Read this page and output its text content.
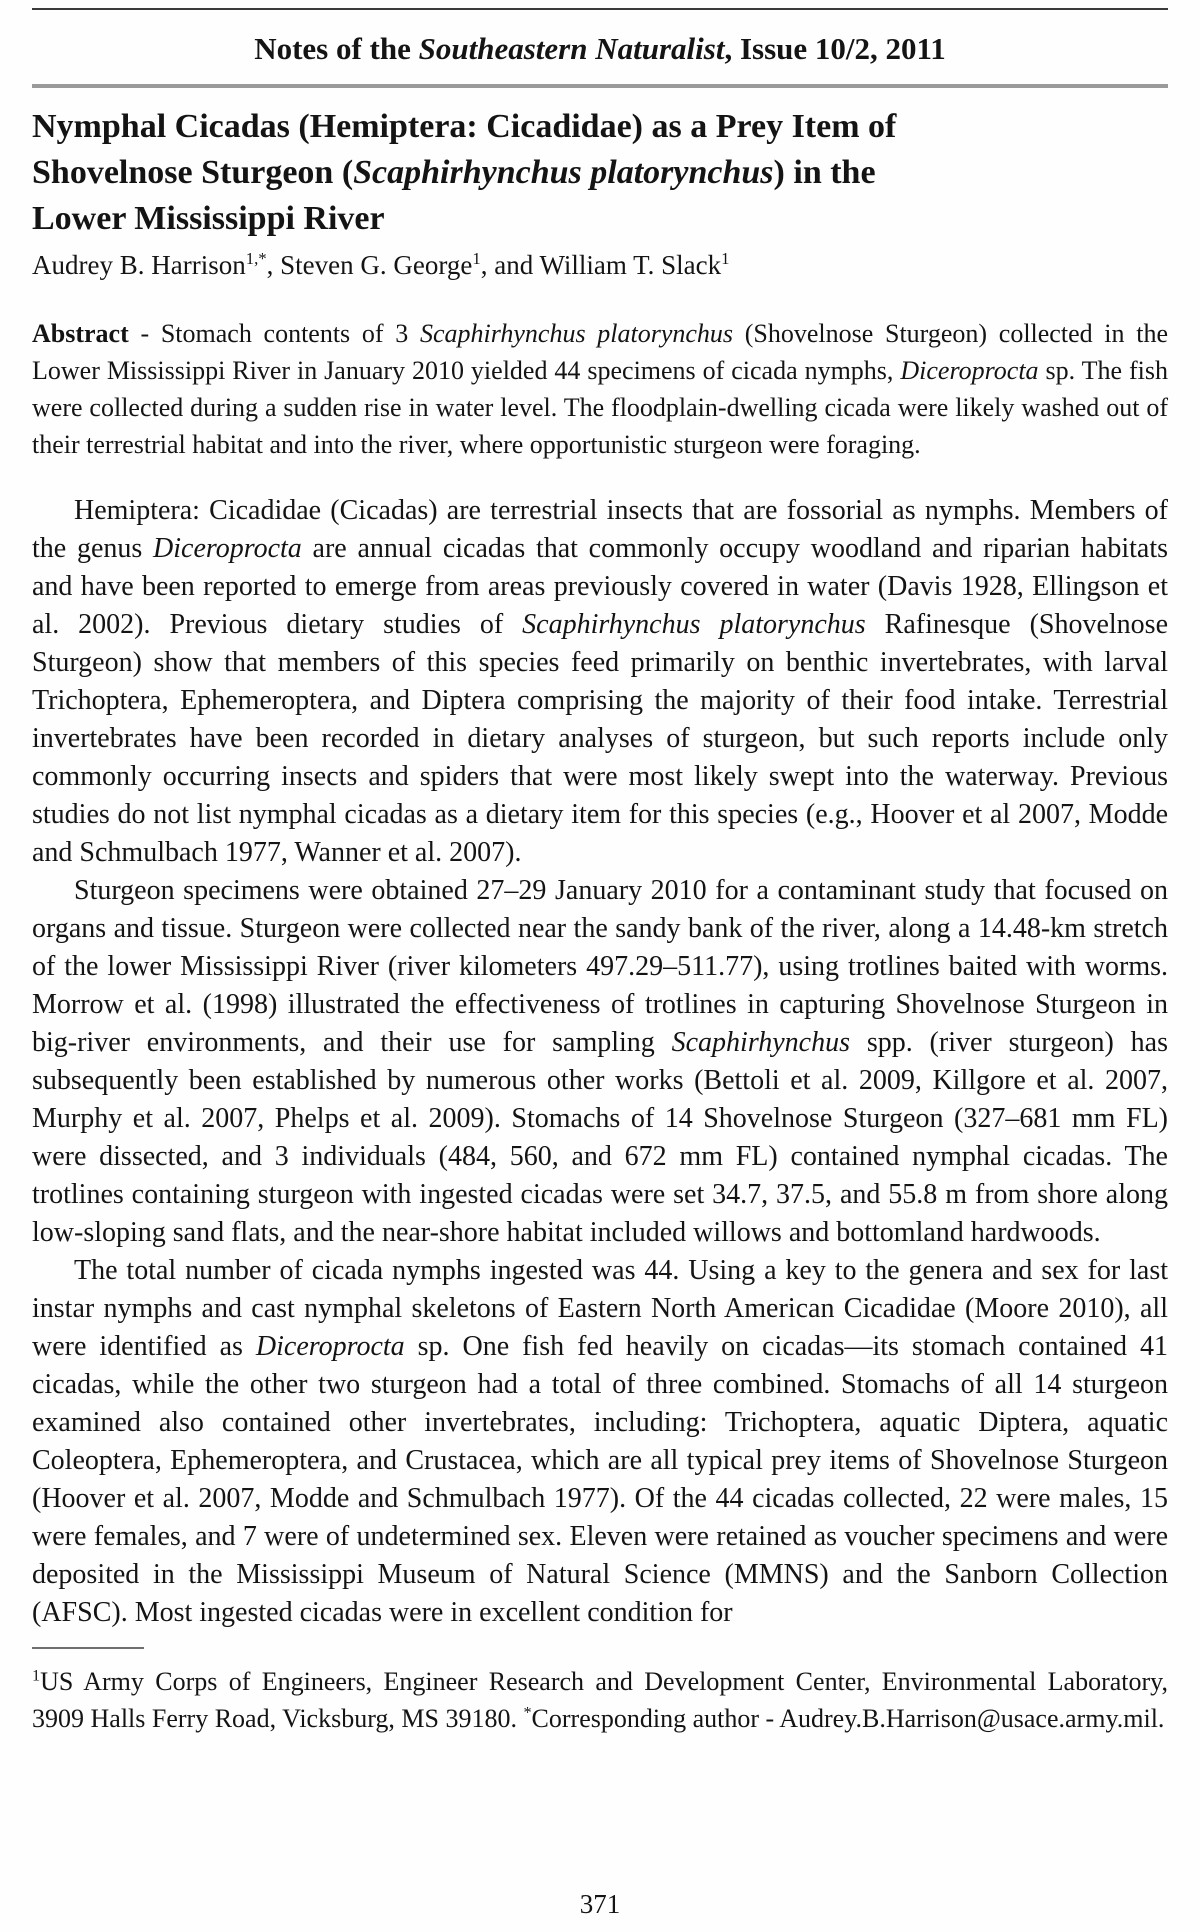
Notes of the Southeastern Naturalist, Issue 10/2, 2011
Nymphal Cicadas (Hemiptera: Cicadidae) as a Prey Item of
Shovelnose Sturgeon (Scaphirhynchus platorynchus) in the
Lower Mississippi River
Audrey B. Harrison$^{1,*}$, Steven G. George$^1$, and William T. Slack$^1$
Abstract - Stomach contents of 3 Scaphirhynchus platorynchus (Shovelnose Sturgeon) collected in the Lower Mississippi River in January 2010 yielded 44 specimens of cicada nymphs, Diceroprocta sp. The fish were collected during a sudden rise in water level. The floodplain-dwelling cicada were likely washed out of their terrestrial habitat and into the river, where opportunistic sturgeon were foraging.

Hemiptera: Cicadidae (Cicadas) are terrestrial insects that are fossorial as nymphs. Members of the genus Diceroprocta are annual cicadas that commonly occupy woodland and riparian habitats and have been reported to emerge from areas previously covered in water (Davis 1928, Ellingson et al. 2002). Previous dietary studies of Scaphirhynchus platorynchus Rafinesque (Shovelnose Sturgeon) show that members of this species feed primarily on benthic invertebrates, with larval Trichoptera, Ephemeroptera, and Diptera comprising the majority of their food intake. Terrestrial invertebrates have been recorded in dietary analyses of sturgeon, but such reports include only commonly occurring insects and spiders that were most likely swept into the waterway. Previous studies do not list nymphal cicadas as a dietary item for this species (e.g., Hoover et al 2007, Modde and Schmulbach 1977, Wanner et al. 2007).

Sturgeon specimens were obtained 27–29 January 2010 for a contaminant study that focused on organs and tissue. Sturgeon were collected near the sandy bank of the river, along a 14.48-km stretch of the lower Mississippi River (river kilometers 497.29–511.77), using trotlines baited with worms. Morrow et al. (1998) illustrated the effectiveness of trotlines in capturing Shovelnose Sturgeon in big-river environments, and their use for sampling Scaphirhynchus spp. (river sturgeon) has subsequently been established by numerous other works (Bettoli et al. 2009, Killgore et al. 2007, Murphy et al. 2007, Phelps et al. 2009). Stomachs of 14 Shovelnose Sturgeon (327–681 mm FL) were dissected, and 3 individuals (484, 560, and 672 mm FL) contained nymphal cicadas. The trotlines containing sturgeon with ingested cicadas were set 34.7, 37.5, and 55.8 m from shore along low-sloping sand flats, and the near-shore habitat included willows and bottomland hardwoods.

The total number of cicada nymphs ingested was 44. Using a key to the genera and sex for last instar nymphs and cast nymphal skeletons of Eastern North American Cicadidae (Moore 2010), all were identified as Diceroprocta sp. One fish fed heavily on cicadas—its stomach contained 41 cicadas, while the other two sturgeon had a total of three combined. Stomachs of all 14 sturgeon examined also contained other invertebrates, including: Trichoptera, aquatic Diptera, aquatic Coleoptera, Ephemeroptera, and Crustacea, which are all typical prey items of Shovelnose Sturgeon (Hoover et al. 2007, Modde and Schmulbach 1977). Of the 44 cicadas collected, 22 were males, 15 were females, and 7 were of undetermined sex. Eleven were retained as voucher specimens and were deposited in the Mississippi Museum of Natural Science (MMNS) and the Sanborn Collection (AFSC). Most ingested cicadas were in excellent condition for

$^1$US Army Corps of Engineers, Engineer Research and Development Center, Environmental Laboratory, 3909 Halls Ferry Road, Vicksburg, MS 39180. *Corresponding author - Audrey.B.Harrison@usace.army.mil.
371
